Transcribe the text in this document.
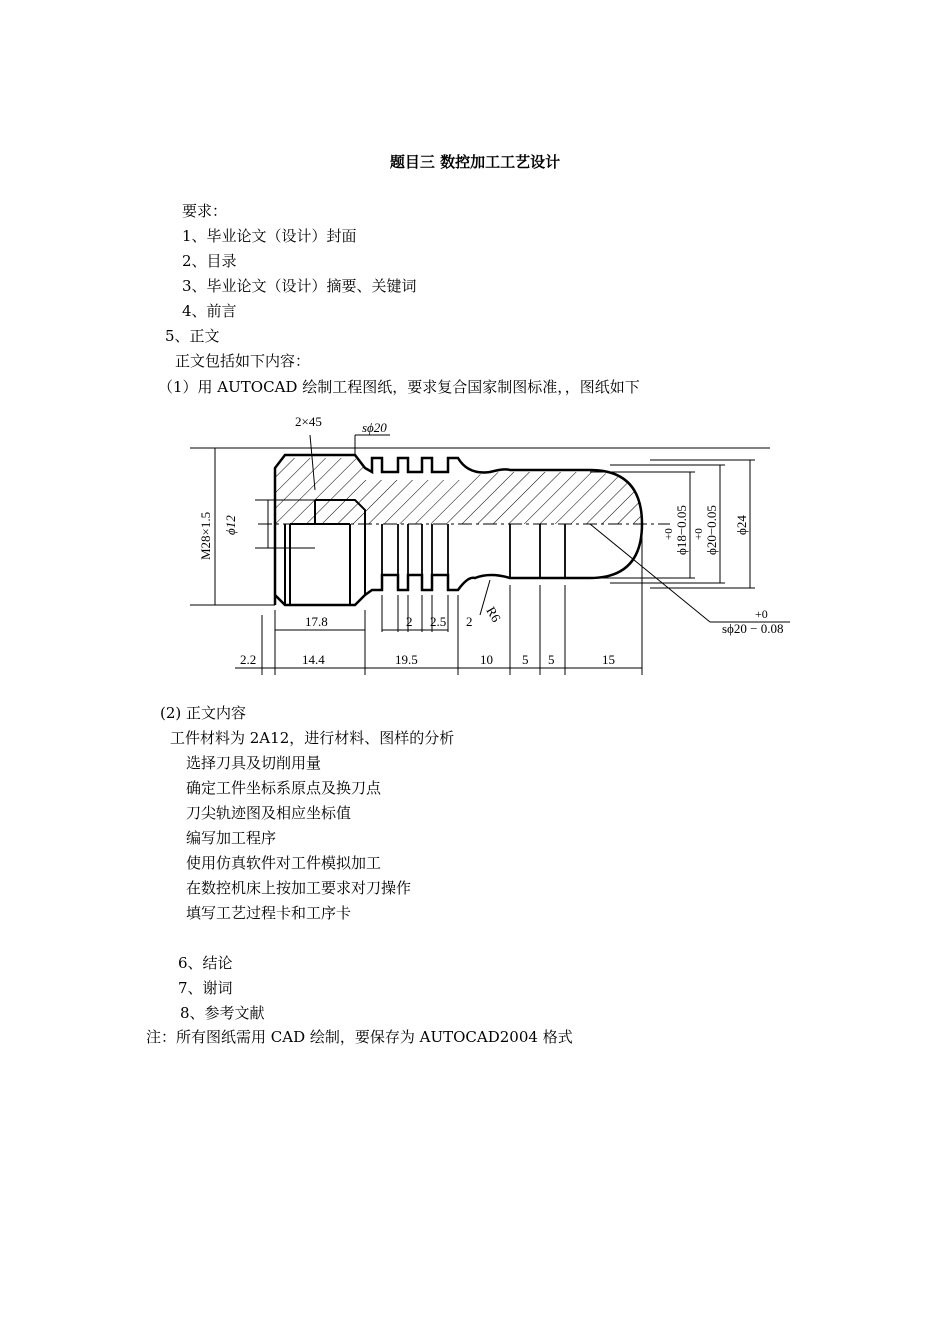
题目三 数控加工工艺设计
要求：
1、毕业论文（设计）封面
2、目录
3、毕业论文（设计）摘要、关键词
4、前言
5、正文
正文包括如下内容：
（1）用 AUTOCAD 绘制工程图纸，要求复合国家制图标准，，图纸如下
2×45	sϕ20
M28×1.5 ϕ12	+0 ϕ18−0.05 +0 ϕ20−0.05 ϕ24
R6	+0
sϕ20 − 0.08
17.8	2 2.5 2
2.2	14.4	19.5	10 5 5	15
(2) 正文内容
工件材料为 2A12，进行材料、图样的分析
选择刀具及切削用量
确定工件坐标系原点及换刀点
刀尖轨迹图及相应坐标值
编写加工程序
使用仿真软件对工件模拟加工
在数控机床上按加工要求对刀操作
填写工艺过程卡和工序卡
6、结论
7、谢词
8、参考文献
注：所有图纸需用 CAD 绘制，要保存为 AUTOCAD2004 格式
